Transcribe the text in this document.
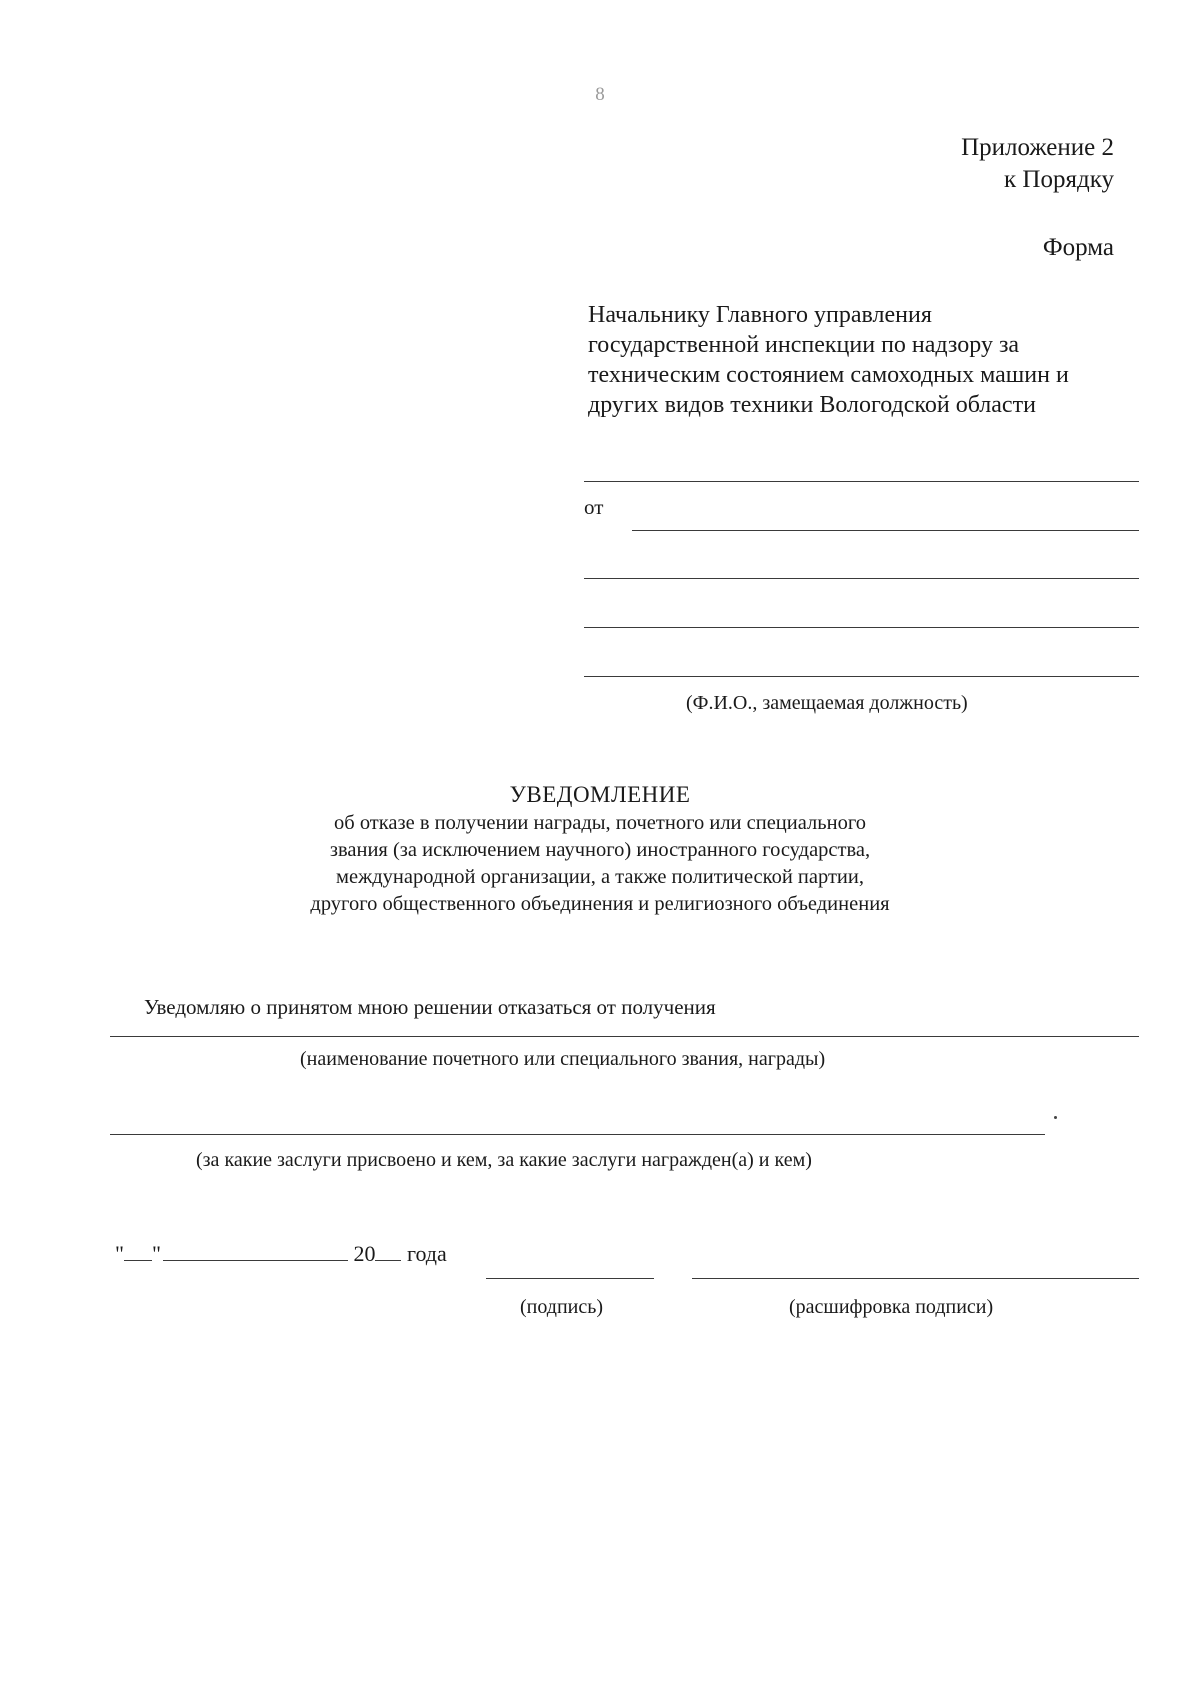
8
Приложение 2
к Порядку
Форма
Начальнику Главного управления
государственной инспекции по надзору за
техническим состоянием самоходных машин и
других видов техники Вологодской области
от
(Ф.И.О., замещаемая должность)
УВЕДОМЛЕНИЕ
об отказе в получении награды, почетного или специального
звания (за исключением научного) иностранного государства,
международной организации, а также политической партии,
другого общественного объединения и религиозного объединения
Уведомляю о принятом мною решении отказаться от получения
(наименование почетного или специального звания, награды)
(за какие заслуги присвоено и кем, за какие заслуги награжден(а) и кем)
" "	20 года
(подпись)	(расшифровка подписи)
